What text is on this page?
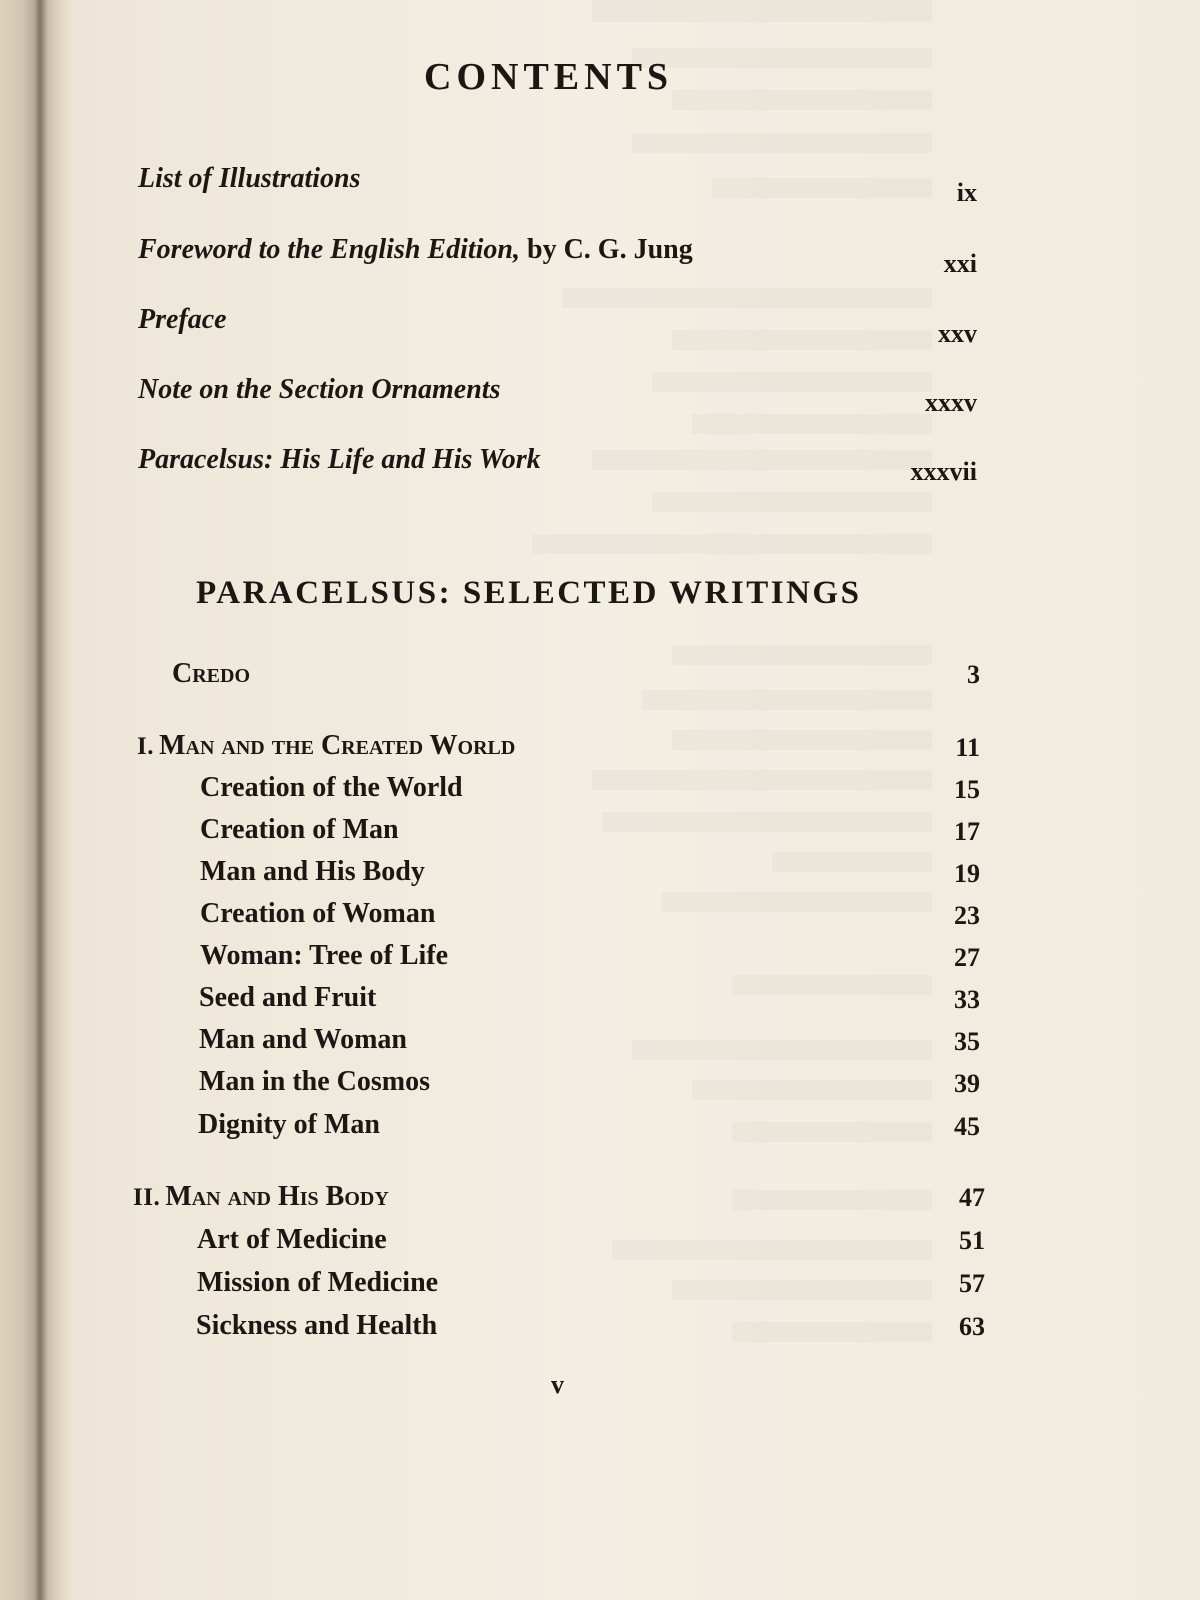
CONTENTS
List of Illustrations	ix
Foreword to the English Edition, by C. G. Jung	xxi
Preface	xxv
Note on the Section Ornaments	xxxv
Paracelsus: His Life and His Work	xxxvii
PARACELSUS: SELECTED WRITINGS
Credo	3
I. Man and the Created World	11
Creation of the World	15
Creation of Man	17
Man and His Body	19
Creation of Woman	23
Woman: Tree of Life	27
Seed and Fruit	33
Man and Woman	35
Man in the Cosmos	39
Dignity of Man	45
II. Man and His Body	47
Art of Medicine	51
Mission of Medicine	57
Sickness and Health	63
v
